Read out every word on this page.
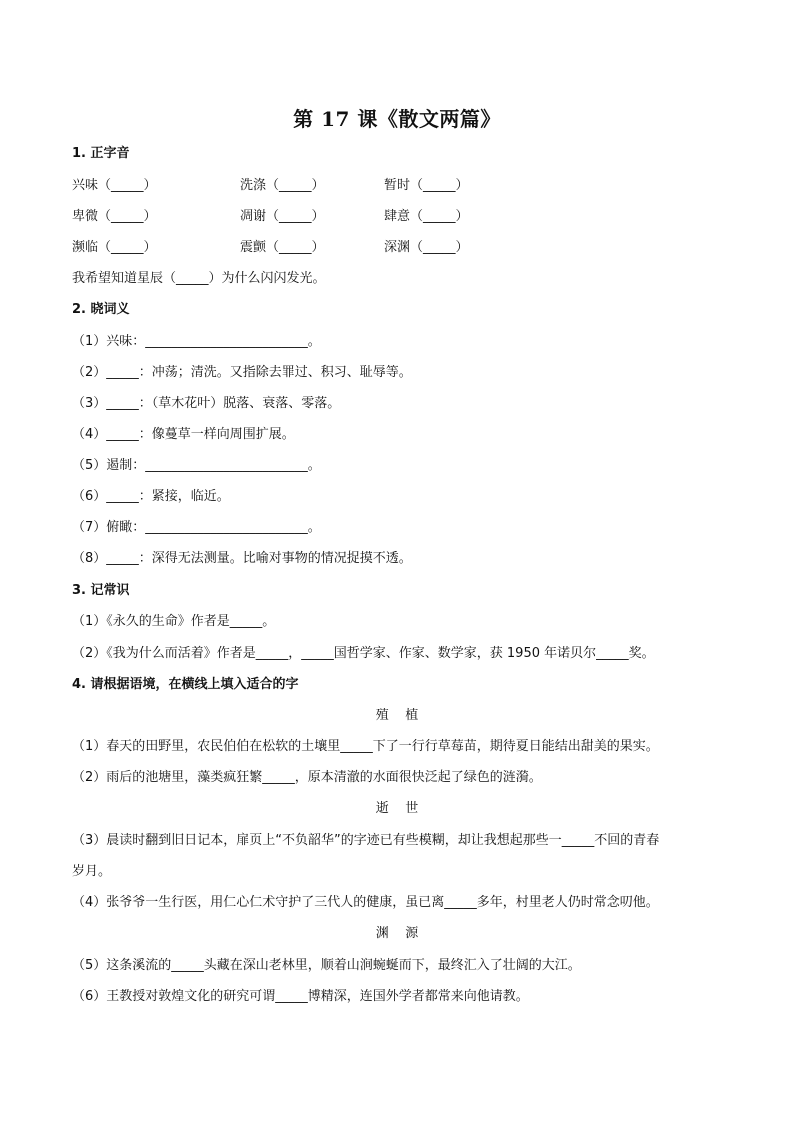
第 17 课《散文两篇》
1. 正字音
兴味（_____）	洗涤（_____）	暂时（_____）
卑微（_____）	凋谢（_____）	肆意（_____）
濒临（_____）	震颤（_____）	深渊（_____）
我希望知道星辰（_____）为什么闪闪发光。
2. 晓词义
（1）兴味：_________________________。
（2）_____：冲荡；清洗。又指除去罪过、积习、耻辱等。
（3）_____：（草木花叶）脱落、衰落、零落。
（4）_____：像蔓草一样向周围扩展。
（5）遏制：_________________________。
（6）_____：紧接，临近。
（7）俯瞰：_________________________。
（8）_____：深得无法测量。比喻对事物的情况捉摸不透。
3. 记常识
（1）《永久的生命》作者是_____。
（2）《我为什么而活着》作者是_____，_____国哲学家、作家、数学家，获 1950 年诺贝尔_____奖。
4. 请根据语境，在横线上填入适合的字
殖 植
（1）春天的田野里，农民伯伯在松软的土壤里_____下了一行行草莓苗，期待夏日能结出甜美的果实。
（2）雨后的池塘里，藻类疯狂繁_____，原本清澈的水面很快泛起了绿色的涟漪。
逝 世
（3）晨读时翻到旧日记本，扉页上“不负韶华”的字迹已有些模糊，却让我想起那些一_____不回的青春
岁月。
（4）张爷爷一生行医，用仁心仁术守护了三代人的健康，虽已离_____多年，村里老人仍时常念叨他。
渊 源
（5）这条溪流的_____头藏在深山老林里，顺着山涧蜿蜒而下，最终汇入了壮阔的大江。
（6）王教授对敦煌文化的研究可谓_____博精深，连国外学者都常来向他请教。
